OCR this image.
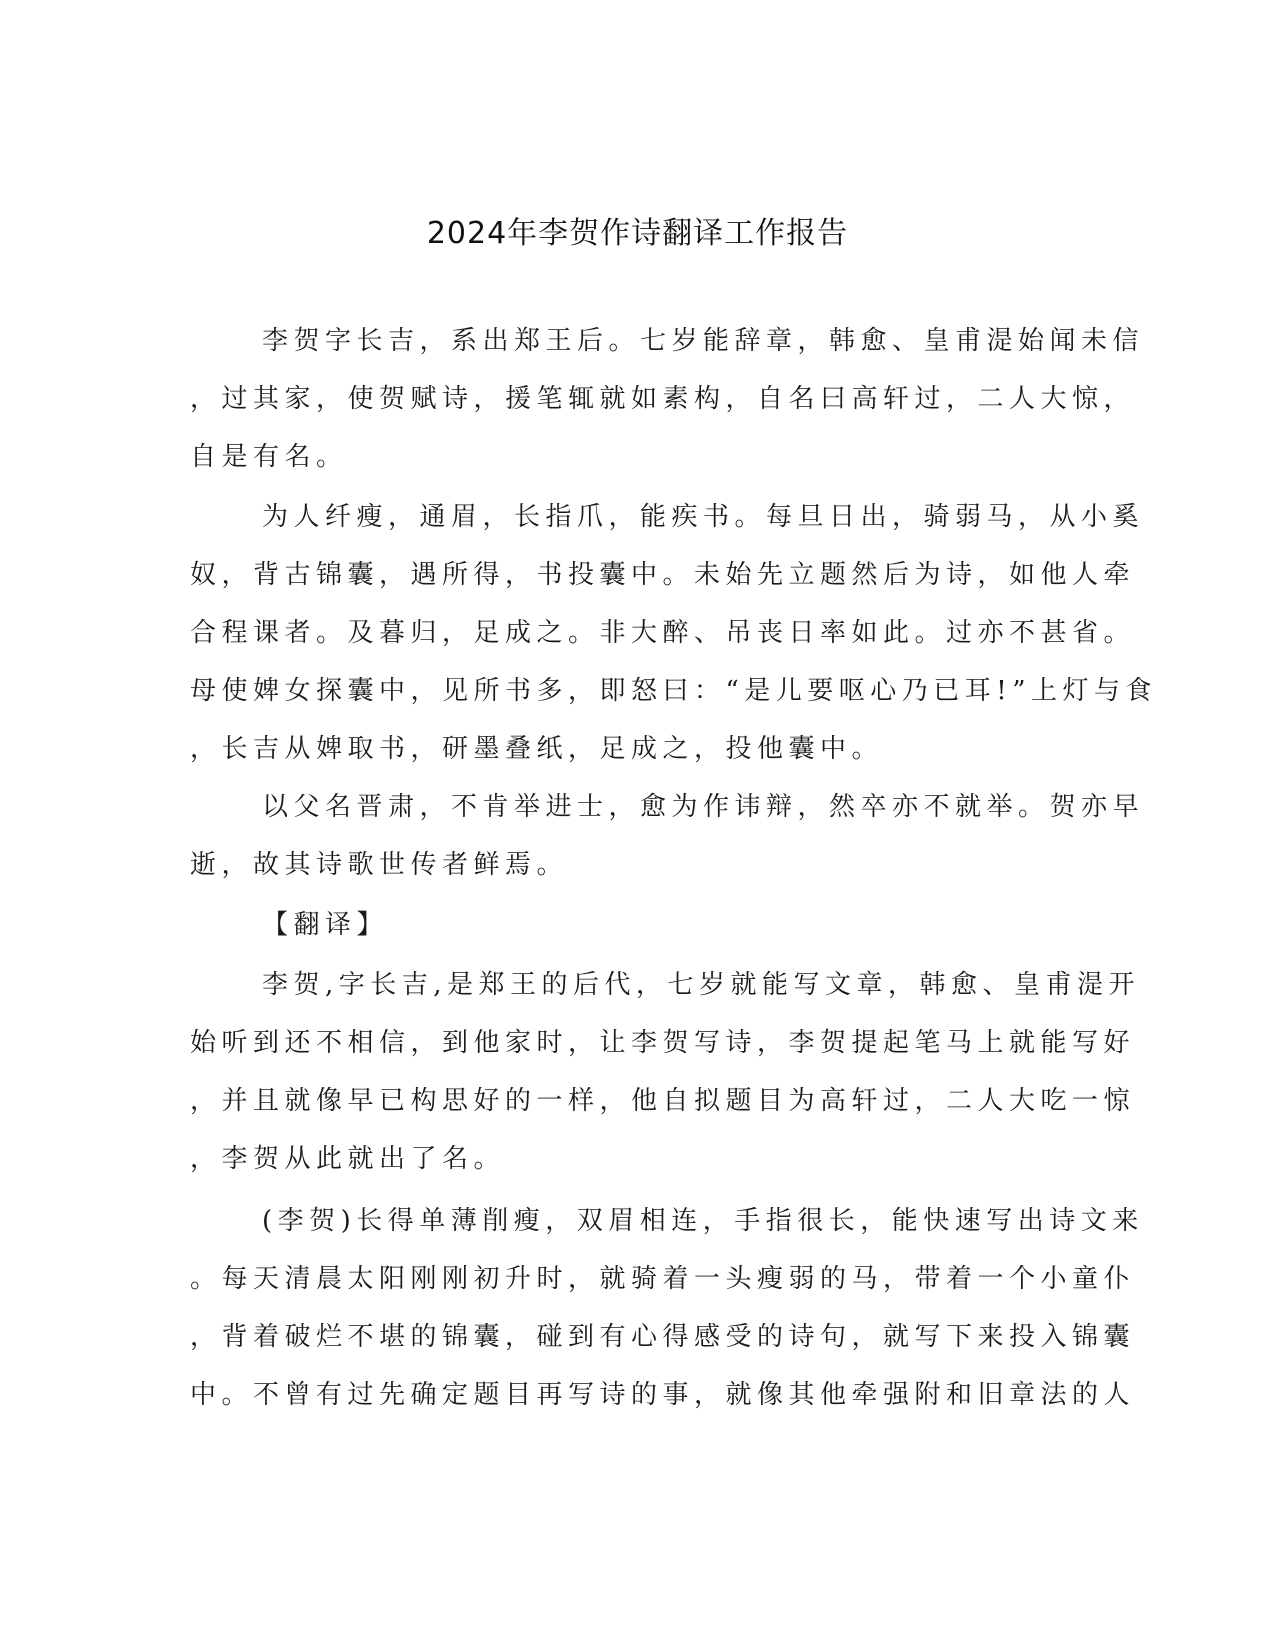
2024年李贺作诗翻译工作报告
李贺字长吉，系出郑王后。七岁能辞章，韩愈、皇甫湜始闻未信
，过其家，使贺赋诗，援笔辄就如素构，自名曰高轩过，二人大惊，
自是有名。
为人纤瘦，通眉，长指爪，能疾书。每旦日出，骑弱马，从小奚
奴，背古锦囊，遇所得，书投囊中。未始先立题然后为诗，如他人牵
合程课者。及暮归，足成之。非大醉、吊丧日率如此。过亦不甚省。
母使婢女探囊中，见所书多，即怒曰：“是儿要呕心乃已耳!”上灯与食
，长吉从婢取书，研墨叠纸，足成之，投他囊中。
以父名晋肃，不肯举进士，愈为作讳辩，然卒亦不就举。贺亦早
逝，故其诗歌世传者鲜焉。
【翻译】
李贺,字长吉,是郑王的后代，七岁就能写文章，韩愈、皇甫湜开
始听到还不相信，到他家时，让李贺写诗，李贺提起笔马上就能写好
，并且就像早已构思好的一样，他自拟题目为高轩过，二人大吃一惊
，李贺从此就出了名。
(李贺)长得单薄削瘦，双眉相连，手指很长，能快速写出诗文来
。每天清晨太阳刚刚初升时，就骑着一头瘦弱的马，带着一个小童仆
，背着破烂不堪的锦囊，碰到有心得感受的诗句，就写下来投入锦囊
中。不曾有过先确定题目再写诗的事，就像其他牵强附和旧章法的人
